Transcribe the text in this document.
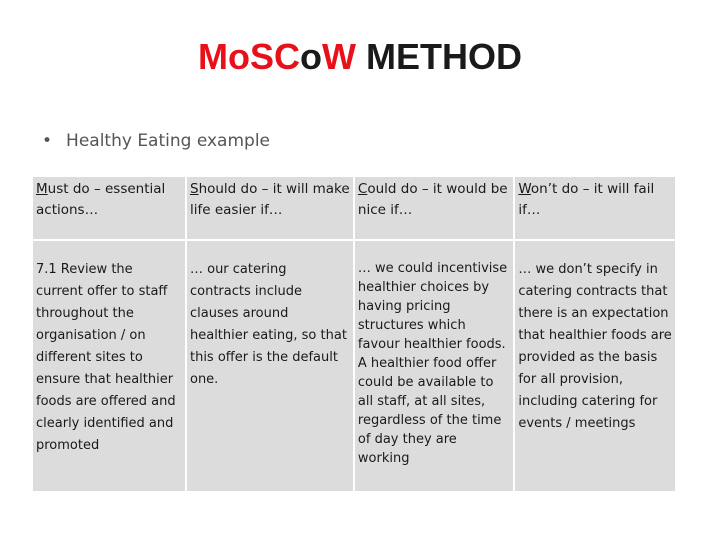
MoSCoW METHOD
• Healthy Eating example
Must do – essential actions…	Should do – it will make life easier if…	Could do – it would be nice if…	Won’t do – it will fail if…
7.1 Review the current offer to staff throughout the organisation / on different sites to ensure that healthier foods are offered and clearly identified and promoted	… our catering contracts include clauses around healthier eating, so that this offer is the default one.	… we could incentivise healthier choices by having pricing structures which favour healthier foods. A healthier food offer could be available to all staff, at all sites, regardless of the time of day they are working	… we don’t specify in catering contracts that there is an expectation that healthier foods are provided as the basis for all provision, including catering for events / meetings
